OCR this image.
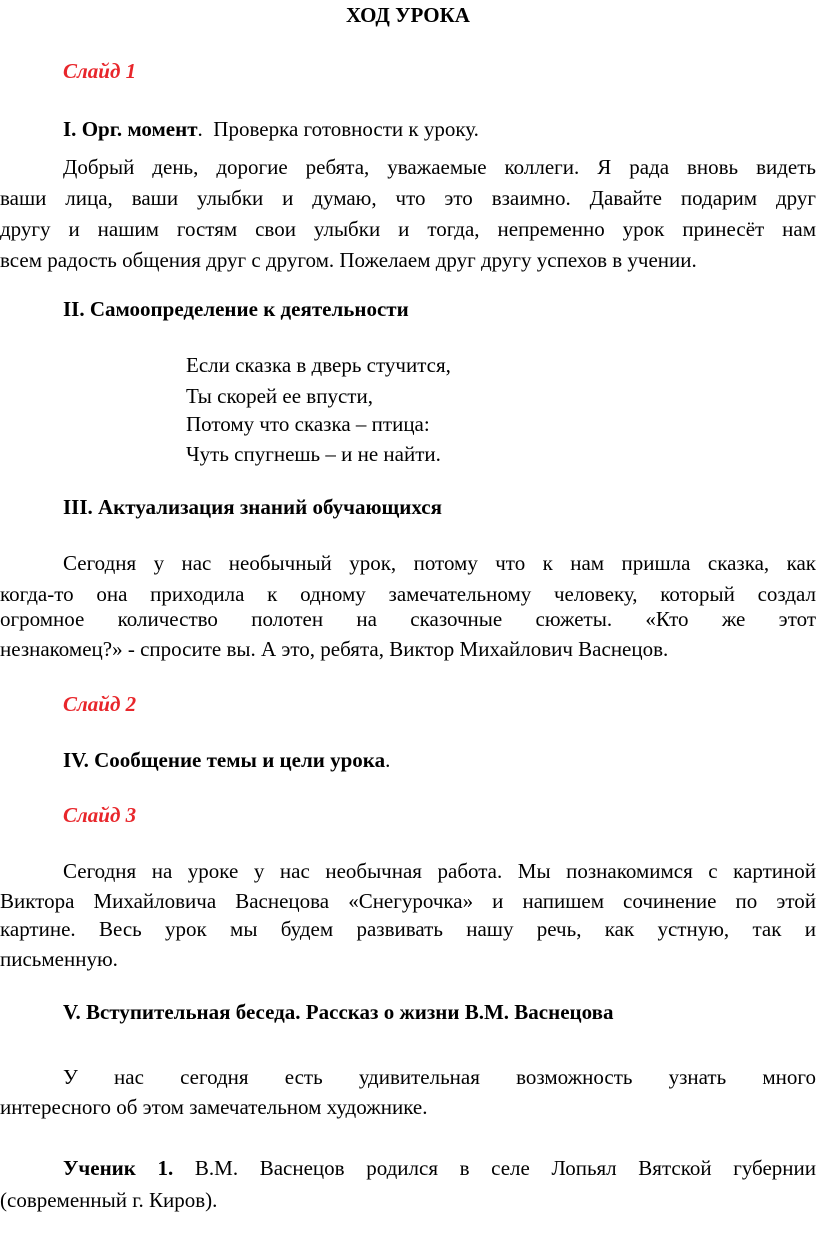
ХОД УРОКА
Слайд 1
I. Орг. момент. Проверка готовности к уроку.
Добрый день, дорогие ребята, уважаемые коллеги. Я рада вновь видеть
ваши лица, ваши улыбки и думаю, что это взаимно. Давайте подарим друг
другу и нашим гостям свои улыбки и тогда, непременно урок принесёт нам
всем радость общения друг с другом. Пожелаем друг другу успехов в учении.
II. Самоопределение к деятельности
Если сказка в дверь стучится,
Ты скорей ее впусти,
Потому что сказка – птица:
Чуть спугнешь – и не найти.
III. Актуализация знаний обучающихся
Сегодня у нас необычный урок, потому что к нам пришла сказка, как
когда-то она приходила к одному замечательному человеку, который создал
огромное количество полотен на сказочные сюжеты. «Кто же этот
незнакомец?» - спросите вы. А это, ребята, Виктор Михайлович Васнецов.
Слайд 2
IV. Сообщение темы и цели урока.
Слайд 3
Сегодня на уроке у нас необычная работа. Мы познакомимся с картиной
Виктора Михайловича Васнецова «Снегурочка» и напишем сочинение по этой
картине. Весь урок мы будем развивать нашу речь, как устную, так и
письменную.
V. Вступительная беседа. Рассказ о жизни В.М. Васнецова
У нас сегодня есть удивительная возможность узнать много
интересного об этом замечательном художнике.
Ученик 1. В.М. Васнецов родился в селе Лопьял Вятской губернии
(современный г. Киров).
